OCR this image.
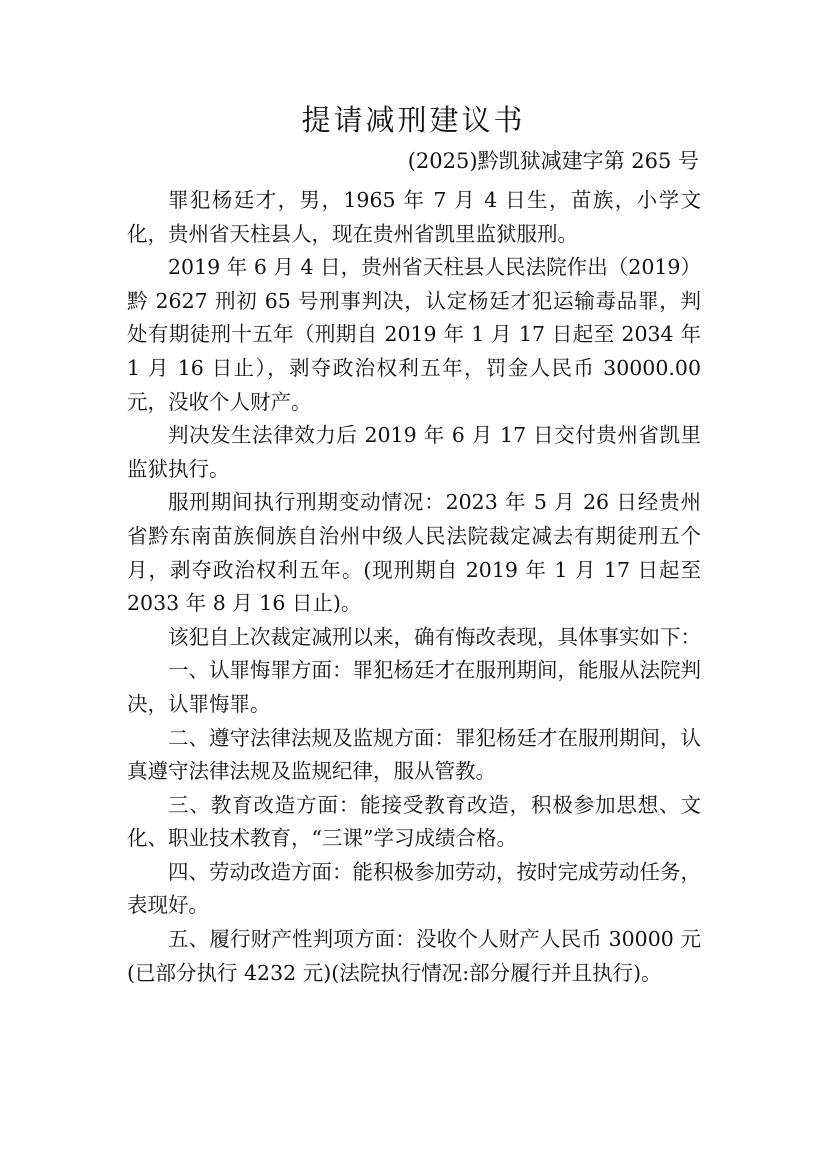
提请减刑建议书
(2025)黔凯狱减建字第 265 号

罪犯杨廷才，男，1965 年 7 月 4 日生，苗族，小学文化，贵州省天柱县人，现在贵州省凯里监狱服刑。

2019 年 6 月 4 日，贵州省天柱县人民法院作出（2019）黔 2627 刑初 65 号刑事判决，认定杨廷才犯运输毒品罪，判处有期徒刑十五年（刑期自 2019 年 1 月 17 日起至 2034 年 1 月 16 日止），剥夺政治权利五年，罚金人民币 30000.00 元，没收个人财产。

判决发生法律效力后 2019 年 6 月 17 日交付贵州省凯里监狱执行。

服刑期间执行刑期变动情况：2023 年 5 月 26 日经贵州省黔东南苗族侗族自治州中级人民法院裁定减去有期徒刑五个月，剥夺政治权利五年。(现刑期自 2019 年 1 月 17 日起至 2033 年 8 月 16 日止)。

该犯自上次裁定减刑以来，确有悔改表现，具体事实如下：

一、认罪悔罪方面：罪犯杨廷才在服刑期间，能服从法院判决，认罪悔罪。

二、遵守法律法规及监规方面：罪犯杨廷才在服刑期间，认真遵守法律法规及监规纪律，服从管教。

三、教育改造方面：能接受教育改造，积极参加思想、文化、职业技术教育，“三课”学习成绩合格。

四、劳动改造方面：能积极参加劳动，按时完成劳动任务，表现好。

五、履行财产性判项方面：没收个人财产人民币 30000 元(已部分执行 4232 元)(法院执行情况:部分履行并且执行)。
